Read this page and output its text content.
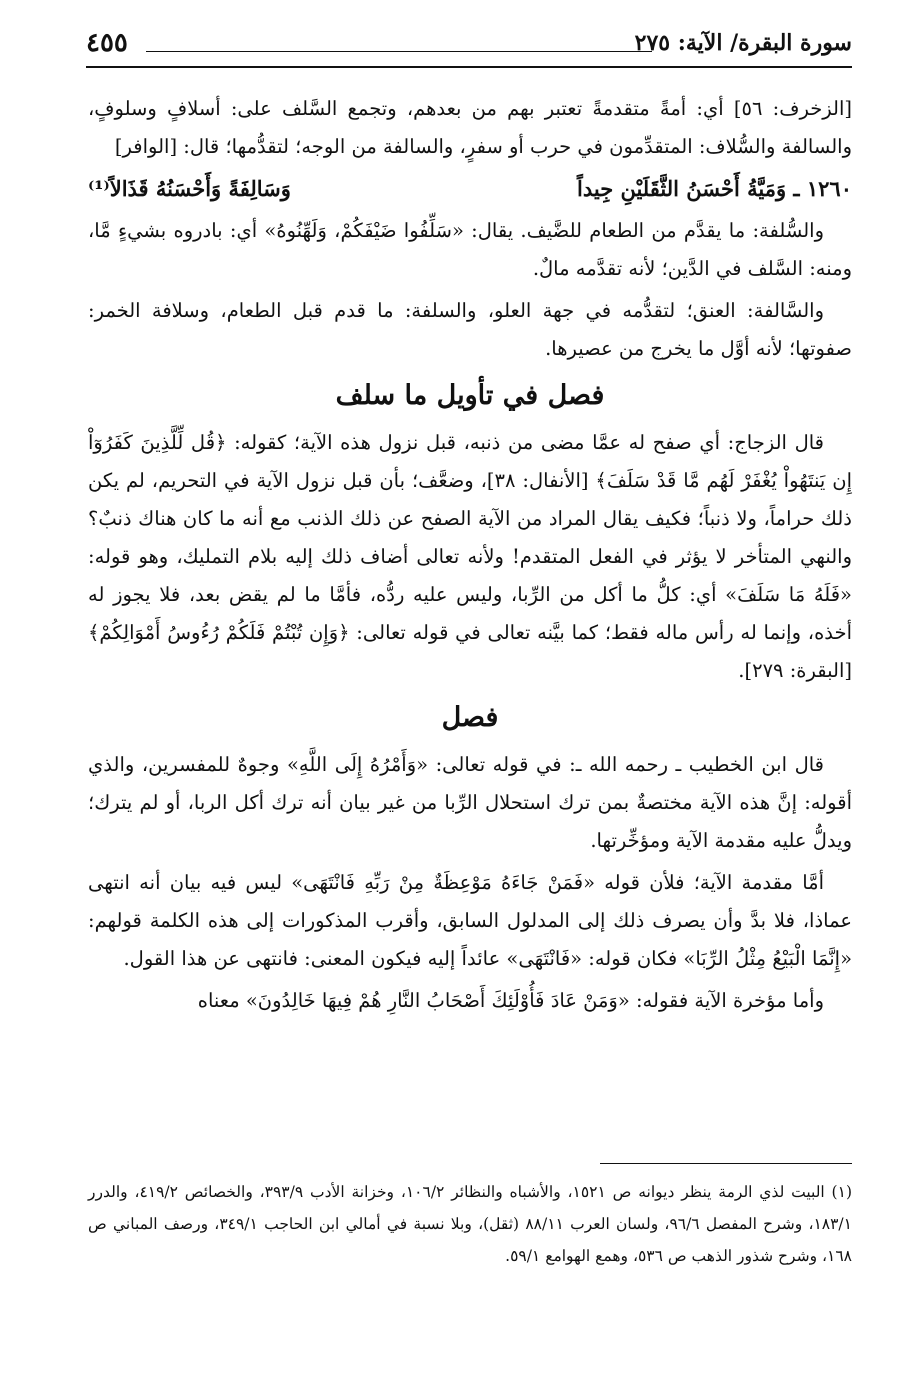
سورة البقرة/ الآية: ٢٧٥
٤٥٥

[الزخرف: ٥٦] أي: أمةً متقدمةً تعتبر بهم من بعدهم، وتجمع السَّلف على: أسلافٍ وسلوفٍ، والسالفة والسُّلاف: المتقدِّمون في حرب أو سفرٍ، والسالفة من الوجه؛ لتقدُّمها؛ قال: [الوافر]

١٢٦٠ ـ وَمَيَّةُ أَحْسَنُ الثَّقَلَيْنِ جِيداً
وَسَالِفَةً وَأَحْسَنُهُ قَذَالاً⁽¹⁾

والسُّلفة: ما يقدَّم من الطعام للضَّيف. يقال: «سَلِّفُوا ضَيْفَكُمْ، وَلَهِّنُوهُ» أي: بادروه بشيءٍ مَّا، ومنه: السَّلف في الدَّين؛ لأنه تقدَّمه مالٌ.

والسَّالفة: العنق؛ لتقدُّمه في جهة العلو، والسلفة: ما قدم قبل الطعام، وسلافة الخمر: صفوتها؛ لأنه أوَّل ما يخرج من عصيرها.

فصل في تأويل ما سلف

قال الزجاج: أي صفح له عمَّا مضى من ذنبه، قبل نزول هذه الآية؛ كقوله: ﴿قُل لِّلَّذِينَ كَفَرُوٓاْ إِن يَنتَهُواْ يُغْفَرْ لَهُم مَّا قَدْ سَلَفَ﴾ [الأنفال: ٣٨]، وضعَّف؛ بأن قبل نزول الآية في التحريم، لم يكن ذلك حراماً، ولا ذنباً؛ فكيف يقال المراد من الآية الصفح عن ذلك الذنب مع أنه ما كان هناك ذنبٌ؟ والنهي المتأخر لا يؤثر في الفعل المتقدم! ولأنه تعالى أضاف ذلك إليه بلام التمليك، وهو قوله: «فَلَهُ مَا سَلَفَ» أي: كلُّ ما أكل من الرِّبا، وليس عليه ردُّه، فأمَّا ما لم يقض بعد، فلا يجوز له أخذه، وإنما له رأس ماله فقط؛ كما بيَّنه تعالى في قوله تعالى: ﴿وَإِن تُبْتُمْ فَلَكُمْ رُءُوسُ أَمْوَالِكُمْ﴾ [البقرة: ٢٧٩].

فصل

قال ابن الخطيب ـ رحمه الله ـ: في قوله تعالى: «وَأَمْرُهُ إِلَى اللَّهِ» وجوهٌ للمفسرين، والذي أقوله: إنَّ هذه الآية مختصةٌ بمن ترك استحلال الرِّبا من غير بيان أنه ترك أكل الربا، أو لم يترك؛ ويدلُّ عليه مقدمة الآية ومؤخِّرتها.

أمَّا مقدمة الآية؛ فلأن قوله «فَمَنْ جَاءَهُ مَوْعِظَةٌ مِنْ رَبِّهِ فَانْتَهَى» ليس فيه بيان أنه انتهى عماذا، فلا بدَّ وأن يصرف ذلك إلى المدلول السابق، وأقرب المذكورات إلى هذه الكلمة قولهم: «إِنَّمَا الْبَيْعُ مِثْلُ الرِّبَا» فكان قوله: «فَانْتَهَى» عائداً إليه فيكون المعنى: فانتهى عن هذا القول.

وأما مؤخرة الآية فقوله: «وَمَنْ عَادَ فَأُوْلَئِكَ أَصْحَابُ النَّارِ هُمْ فِيهَا خَالِدُونَ» معناه

(١) البيت لذي الرمة ينظر ديوانه ص ١٥٢١، والأشباه والنظائر ١٠٦/٢، وخزانة الأدب ٣٩٣/٩، والخصائص ٤١٩/٢، والدرر ١٨٣/١، وشرح المفصل ٩٦/٦، ولسان العرب ٨٨/١١ (ثقل)، وبلا نسبة في أمالي ابن الحاجب ٣٤٩/١، ورصف المباني ص ١٦٨، وشرح شذور الذهب ص ٥٣٦، وهمع الهوامع ٥٩/١.
